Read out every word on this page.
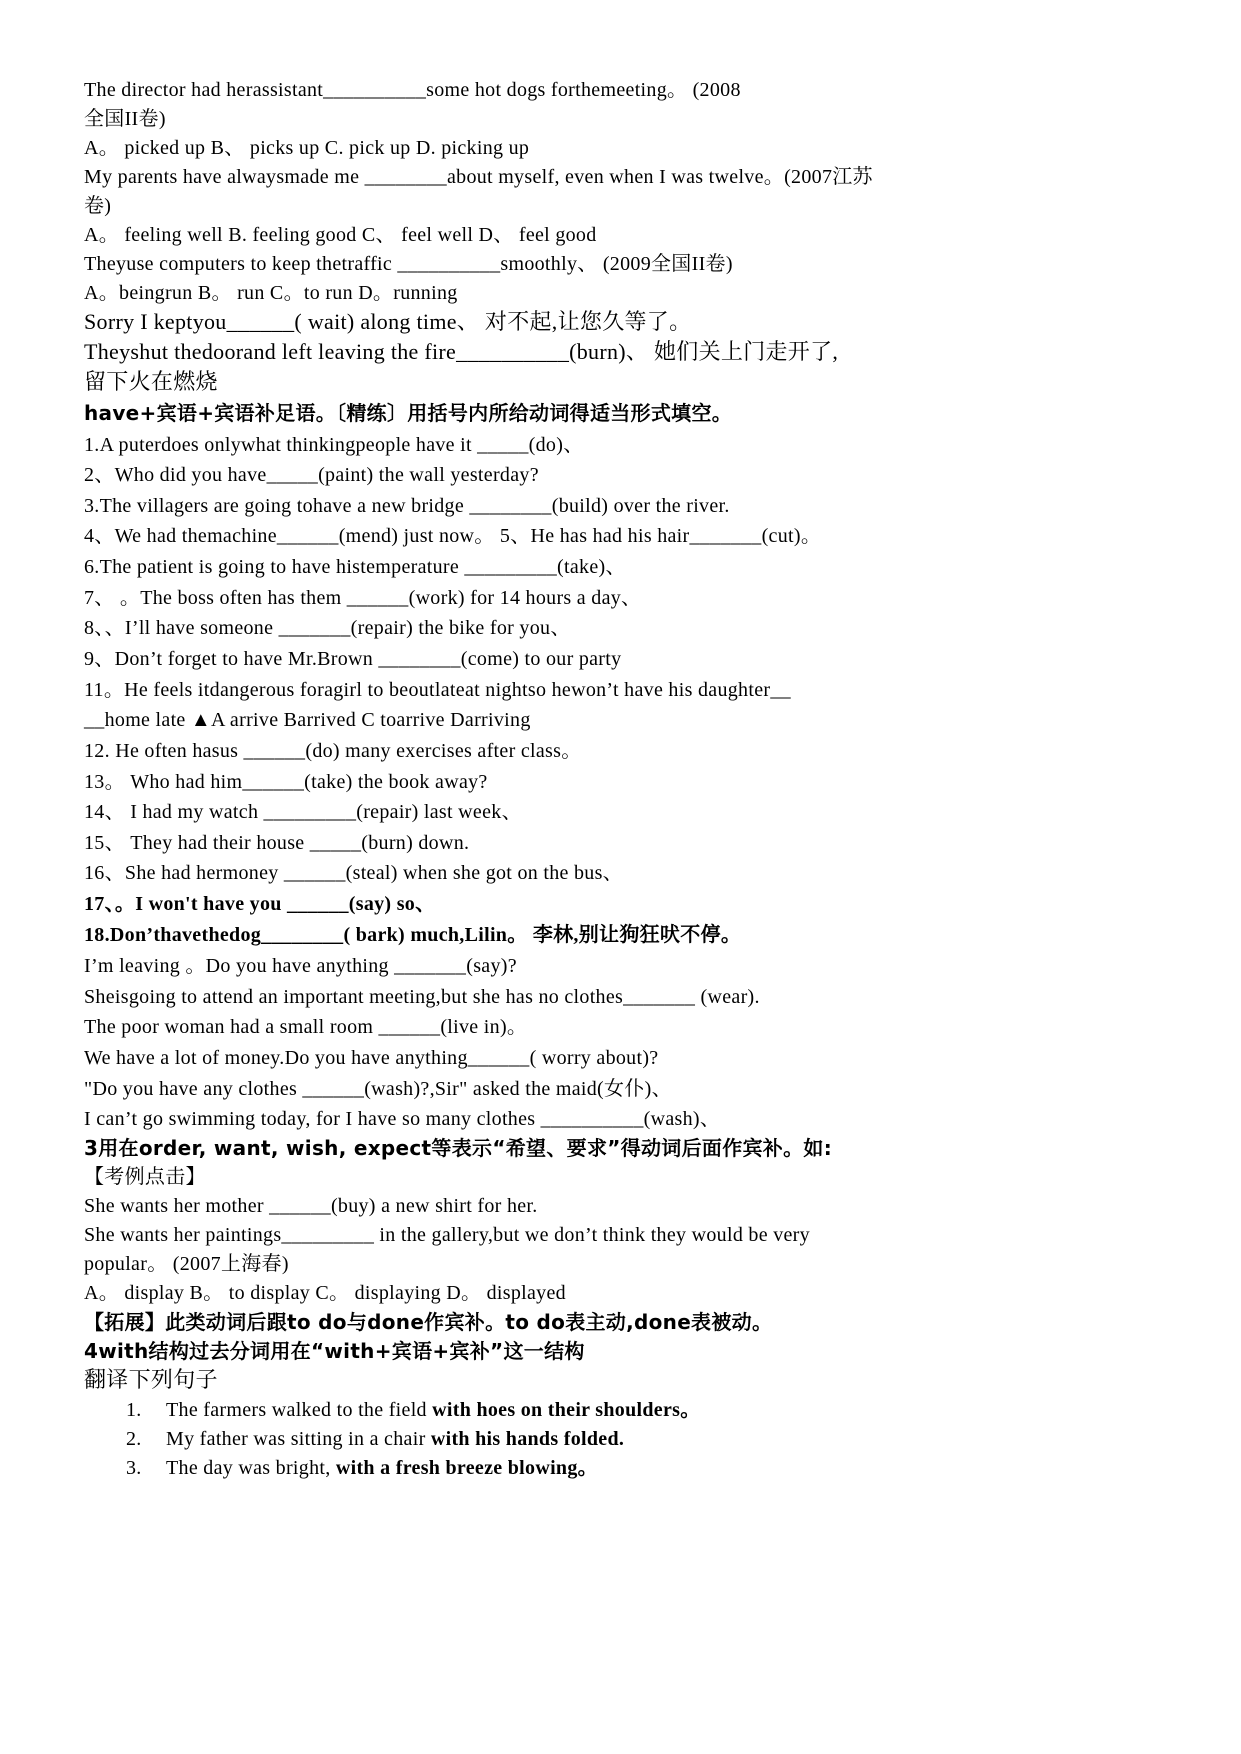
The director had herassistant__________some hot dogs forthemeeting。 (2008
全国II卷)
A。 picked up B、 picks up C. pick up D. picking up
My parents have alwaysmade me ________about myself, even when I was twelve。(2007江苏
卷)
A。 feeling well B. feeling good C、 feel well D、 feel good
Theyuse computers to keep thetraffic __________smoothly、 (2009全国II卷)
A。beingrun B。 run C。to run D。running
Sorry I keptyou______( wait) along time、 对不起,让您久等了。
Theyshut thedoorand left leaving the fire__________(burn)、 她们关上门走开了,
留下火在燃烧
have+宾语+宾语补足语。〔精练〕用括号内所给动词得适当形式填空。
1.A puterdoes onlywhat thinkingpeople have it _____(do)、
2、Who did you have_____(paint) the wall yesterday?
3.The villagers are going tohave a new bridge ________(build) over the river.
4、We had themachine______(mend) just now。 5、He has had his hair_______(cut)。
6.The patient is going to have histemperature _________(take)、
7、 。The boss often has them ______(work) for 14 hours a day、
8、、I’ll have someone _______(repair) the bike for you、
9、Don’t forget to have Mr.Brown ________(come) to our party
11。He feels itdangerous foragirl to beoutlateat nightso hewon’t have his daughter__
__home late ▲A arrive Barrived C toarrive Darriving
12. He often hasus ______(do) many exercises after class。
13。 Who had him______(take) the book away?
14、 I had my watch _________(repair) last week、
15、 They had their house _____(burn) down.
16、She had hermoney ______(steal) when she got on the bus、
17、。I won't have you ______(say) so、
18.Don’thavethedog________( bark) much,Lilin。 李林,别让狗狂吠不停。
I’m leaving 。Do you have anything _______(say)?
Sheisgoing to attend an important meeting,but she has no clothes_______ (wear).
The poor woman had a small room ______(live in)。
We have a lot of money.Do you have anything______( worry about)?
"Do you have any clothes ______(wash)?,Sir" asked the maid(女仆)、
I can’t go swimming today, for I have so many clothes __________(wash)、
3用在order, want, wish, expect等表示“希望、要求”得动词后面作宾补。如:
【考例点击】
She wants her mother ______(buy) a new shirt for her.
She wants her paintings_________ in the gallery,but we don’t think they would be very
popular。 (2007上海春)
A。 display B。 to display C。 displaying D。 displayed
【拓展】此类动词后跟to do与done作宾补。to do表主动,done表被动。
4with结构过去分词用在“with+宾语+宾补”这一结构
翻译下列句子
1. The farmers walked to the field with hoes on their shoulders。
2. My father was sitting in a chair with his hands folded.
3. The day was bright, with a fresh breeze blowing。
